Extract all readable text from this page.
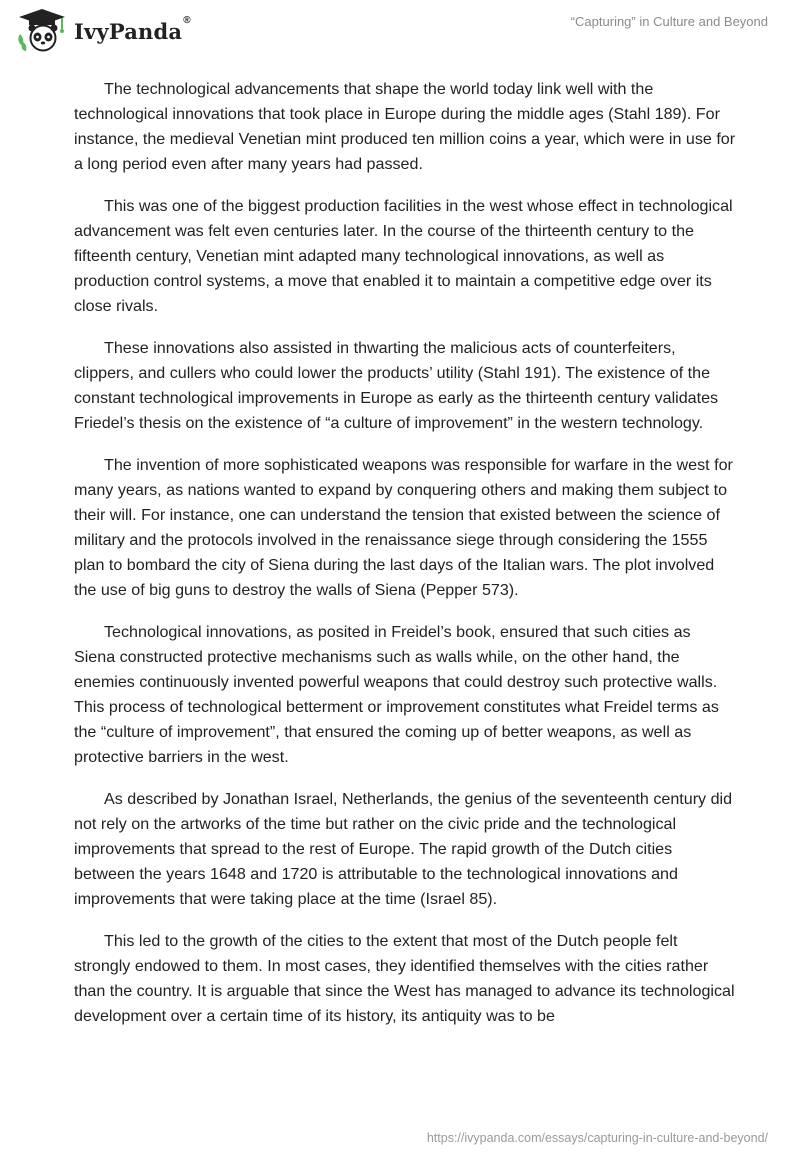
IvyPanda®	“Capturing” in Culture and Beyond

The technological advancements that shape the world today link well with the technological innovations that took place in Europe during the middle ages (Stahl 189). For instance, the medieval Venetian mint produced ten million coins a year, which were in use for a long period even after many years had passed.

This was one of the biggest production facilities in the west whose effect in technological advancement was felt even centuries later. In the course of the thirteenth century to the fifteenth century, Venetian mint adapted many technological innovations, as well as production control systems, a move that enabled it to maintain a competitive edge over its close rivals.

These innovations also assisted in thwarting the malicious acts of counterfeiters, clippers, and cullers who could lower the products’ utility (Stahl 191). The existence of the constant technological improvements in Europe as early as the thirteenth century validates Friedel’s thesis on the existence of “a culture of improvement” in the western technology.

The invention of more sophisticated weapons was responsible for warfare in the west for many years, as nations wanted to expand by conquering others and making them subject to their will. For instance, one can understand the tension that existed between the science of military and the protocols involved in the renaissance siege through considering the 1555 plan to bombard the city of Siena during the last days of the Italian wars. The plot involved the use of big guns to destroy the walls of Siena (Pepper 573).

Technological innovations, as posited in Freidel’s book, ensured that such cities as Siena constructed protective mechanisms such as walls while, on the other hand, the enemies continuously invented powerful weapons that could destroy such protective walls. This process of technological betterment or improvement constitutes what Freidel terms as the “culture of improvement”, that ensured the coming up of better weapons, as well as protective barriers in the west.

As described by Jonathan Israel, Netherlands, the genius of the seventeenth century did not rely on the artworks of the time but rather on the civic pride and the technological improvements that spread to the rest of Europe. The rapid growth of the Dutch cities between the years 1648 and 1720 is attributable to the technological innovations and improvements that were taking place at the time (Israel 85).

This led to the growth of the cities to the extent that most of the Dutch people felt strongly endowed to them. In most cases, they identified themselves with the cities rather than the country. It is arguable that since the West has managed to advance its technological development over a certain time of its history, its antiquity was to be

https://ivypanda.com/essays/capturing-in-culture-and-beyond/
